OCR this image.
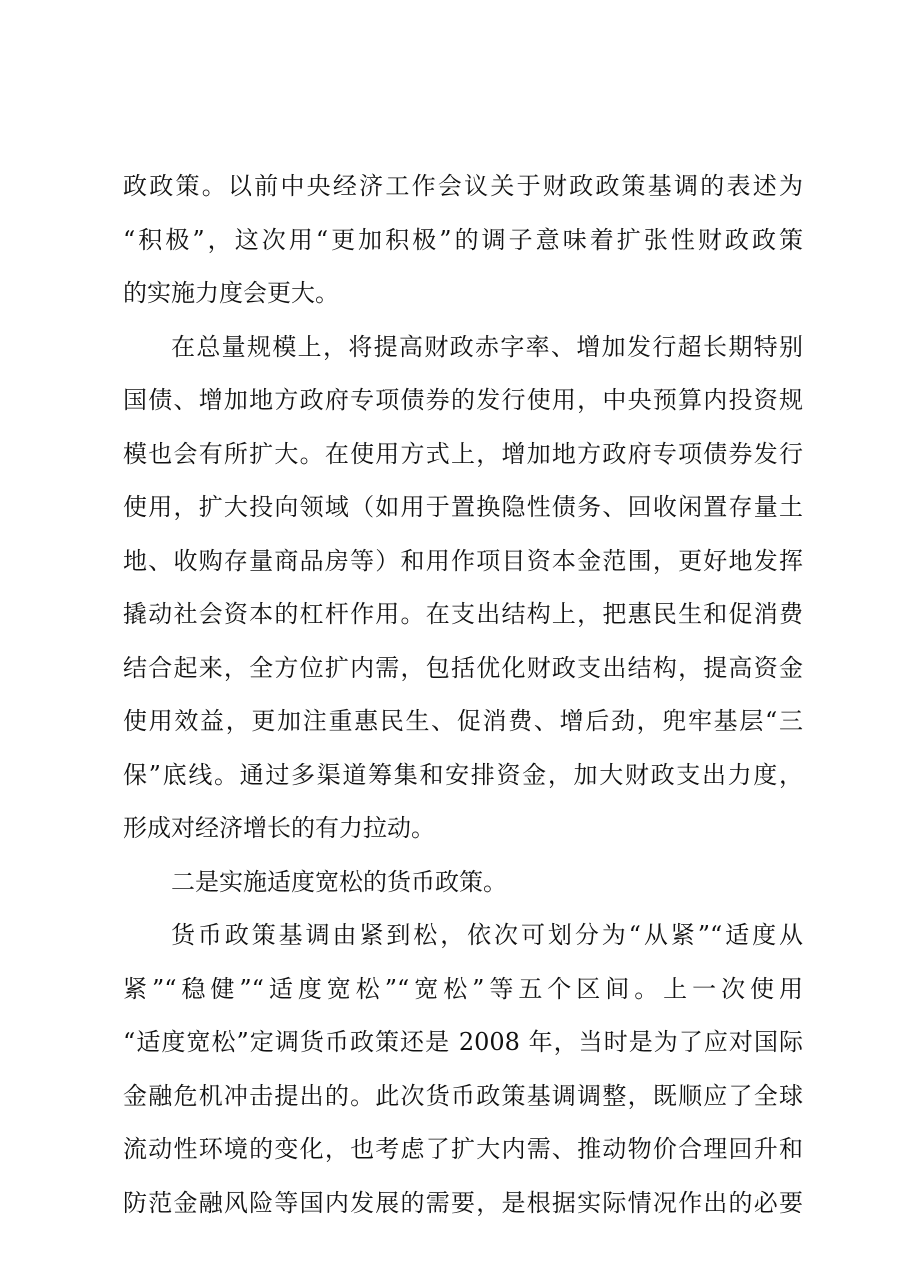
政政策。以前中央经济工作会议关于财政政策基调的表述为
“积极”，这次用“更加积极”的调子意味着扩张性财政政策
的实施力度会更大。
在总量规模上，将提高财政赤字率、增加发行超长期特别
国债、增加地方政府专项债券的发行使用，中央预算内投资规
模也会有所扩大。在使用方式上，增加地方政府专项债券发行
使用，扩大投向领域（如用于置换隐性债务、回收闲置存量土
地、收购存量商品房等）和用作项目资本金范围，更好地发挥
撬动社会资本的杠杆作用。在支出结构上，把惠民生和促消费
结合起来，全方位扩内需，包括优化财政支出结构，提高资金
使用效益，更加注重惠民生、促消费、增后劲，兜牢基层“三
保”底线。通过多渠道筹集和安排资金，加大财政支出力度，
形成对经济增长的有力拉动。
二是实施适度宽松的货币政策。
货币政策基调由紧到松，依次可划分为“从紧”“适度从
紧”“稳健”“适度宽松”“宽松”等五个区间。上一次使用
“适度宽松”定调货币政策还是 2008 年，当时是为了应对国际
金融危机冲击提出的。此次货币政策基调调整，既顺应了全球
流动性环境的变化，也考虑了扩大内需、推动物价合理回升和
防范金融风险等国内发展的需要，是根据实际情况作出的必要
